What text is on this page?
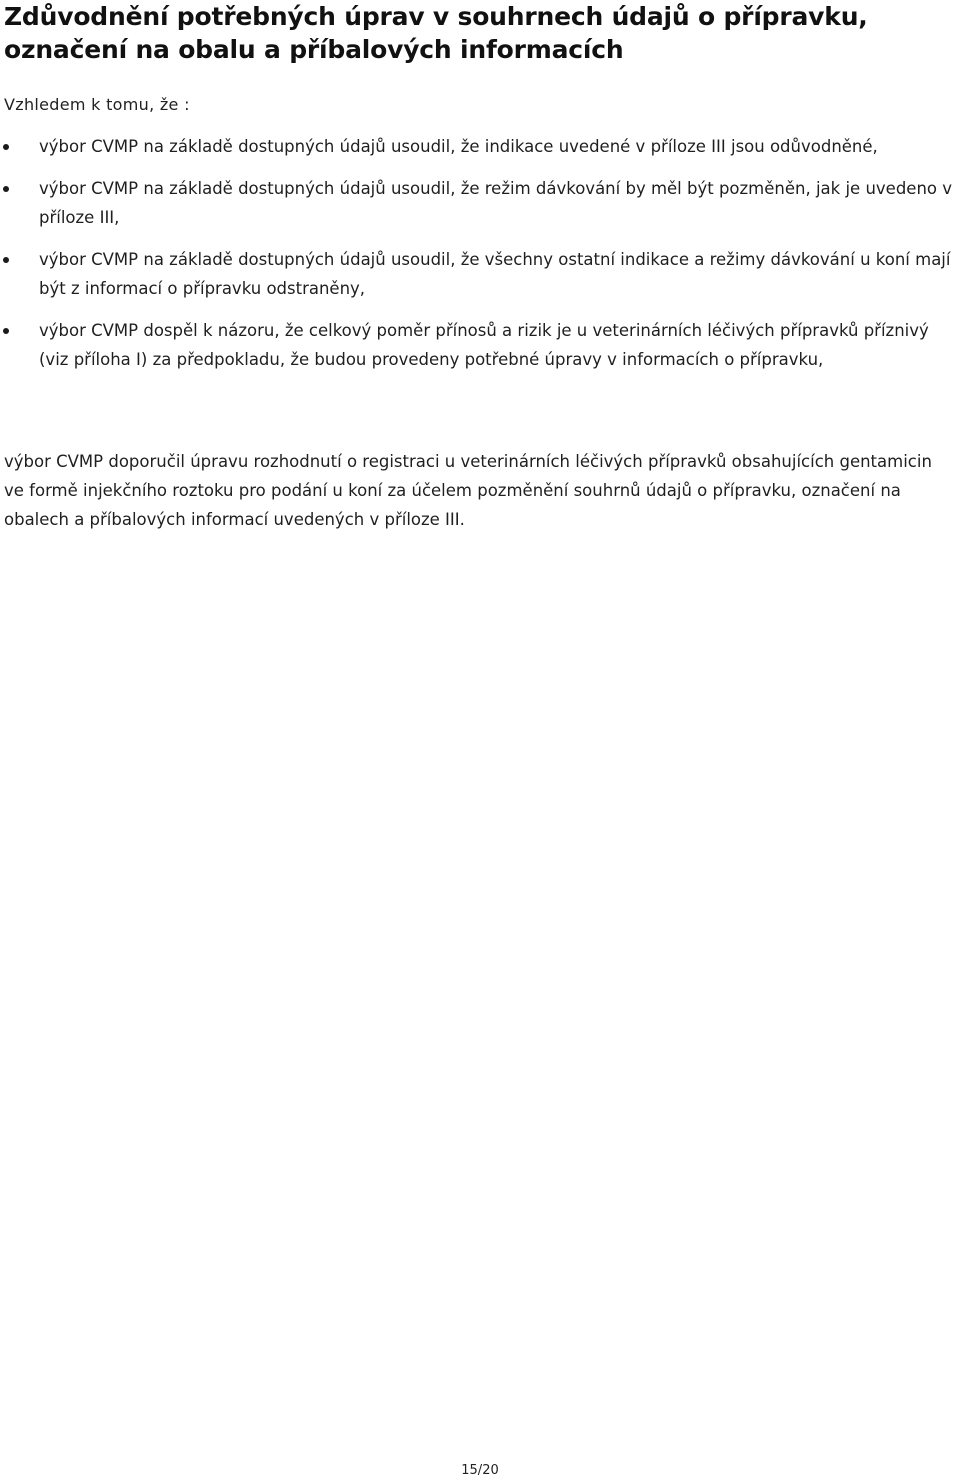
Zdůvodnění potřebných úprav v souhrnech údajů o přípravku, označení na obalu a příbalových informacích
Vzhledem k tomu, že :
výbor CVMP na základě dostupných údajů usoudil, že indikace uvedené v příloze III jsou odůvodněné,
výbor CVMP na základě dostupných údajů usoudil, že režim dávkování by měl být pozměněn, jak je uvedeno v příloze III,
výbor CVMP na základě dostupných údajů usoudil, že všechny ostatní indikace a režimy dávkování u koní mají být z informací o přípravku odstraněny,
výbor CVMP dospěl k názoru, že celkový poměr přínosů a rizik je u veterinárních léčivých přípravků příznivý (viz příloha I) za předpokladu, že budou provedeny potřebné úpravy v informacích o přípravku,

výbor CVMP doporučil úpravu rozhodnutí o registraci u veterinárních léčivých přípravků obsahujících gentamicin ve formě injekčního roztoku pro podání u koní za účelem pozměnění souhrnů údajů o přípravku, označení na obalech a příbalových informací uvedených v příloze III.

15/20
